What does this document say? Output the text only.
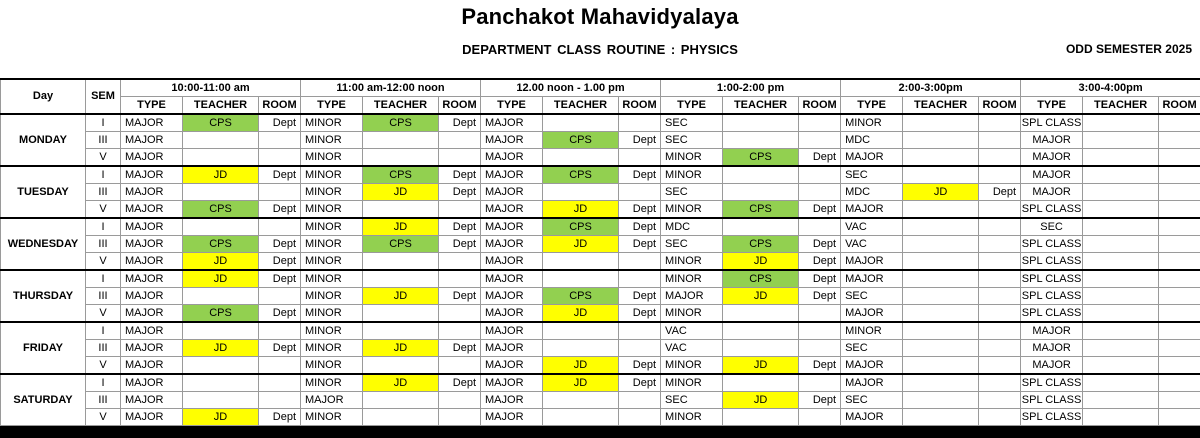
Panchakot Mahavidyalaya
DEPARTMENT CLASS ROUTINE : PHYSICS	ODD SEMESTER 2025
Day	SEM	10:00-11:00 am			11:00 am-12:00 noon			12.00 noon - 1.00 pm			1:00-2:00 pm			2:00-3:00pm			3:00-4:00pm		
		TYPE	TEACHER	ROOM	TYPE	TEACHER	ROOM	TYPE	TEACHER	ROOM	TYPE	TEACHER	ROOM	TYPE	TEACHER	ROOM	TYPE	TEACHER	ROOM
MONDAY	I	MAJOR	CPS	Dept	MINOR	CPS	Dept	MAJOR			SEC			MINOR			SPL CLASS		
	III	MAJOR			MINOR			MAJOR	CPS	Dept	SEC			MDC			MAJOR		
	V	MAJOR			MINOR			MAJOR			MINOR	CPS	Dept	MAJOR			MAJOR		
TUESDAY	I	MAJOR	JD	Dept	MINOR	CPS	Dept	MAJOR	CPS	Dept	MINOR			SEC			MAJOR		
	III	MAJOR			MINOR	JD	Dept	MAJOR			SEC			MDC	JD	Dept	MAJOR		
	V	MAJOR	CPS	Dept	MINOR			MAJOR	JD	Dept	MINOR	CPS	Dept	MAJOR			SPL CLASS		
WEDNESDAY	I	MAJOR			MINOR	JD	Dept	MAJOR	CPS	Dept	MDC			VAC			SEC		
	III	MAJOR	CPS	Dept	MINOR	CPS	Dept	MAJOR	JD	Dept	SEC	CPS	Dept	VAC			SPL CLASS		
	V	MAJOR	JD	Dept	MINOR			MAJOR			MINOR	JD	Dept	MAJOR			SPL CLASS		
THURSDAY	I	MAJOR	JD	Dept	MINOR			MAJOR			MINOR	CPS	Dept	MAJOR			SPL CLASS		
	III	MAJOR			MINOR	JD	Dept	MAJOR	CPS	Dept	MAJOR	JD	Dept	SEC			SPL CLASS		
	V	MAJOR	CPS	Dept	MINOR			MAJOR	JD	Dept	MINOR			MAJOR			SPL CLASS		
FRIDAY	I	MAJOR			MINOR			MAJOR			VAC			MINOR			MAJOR		
	III	MAJOR	JD	Dept	MINOR	JD	Dept	MAJOR			VAC			SEC			MAJOR		
	V	MAJOR			MINOR			MAJOR	JD	Dept	MINOR	JD	Dept	MAJOR			MAJOR		
SATURDAY	I	MAJOR			MINOR	JD	Dept	MAJOR	JD	Dept	MINOR			MAJOR			SPL CLASS		
	III	MAJOR			MAJOR			MAJOR			SEC	JD	Dept	SEC			SPL CLASS		
	V	MAJOR	JD	Dept	MINOR			MAJOR			MINOR			MAJOR			SPL CLASS		
